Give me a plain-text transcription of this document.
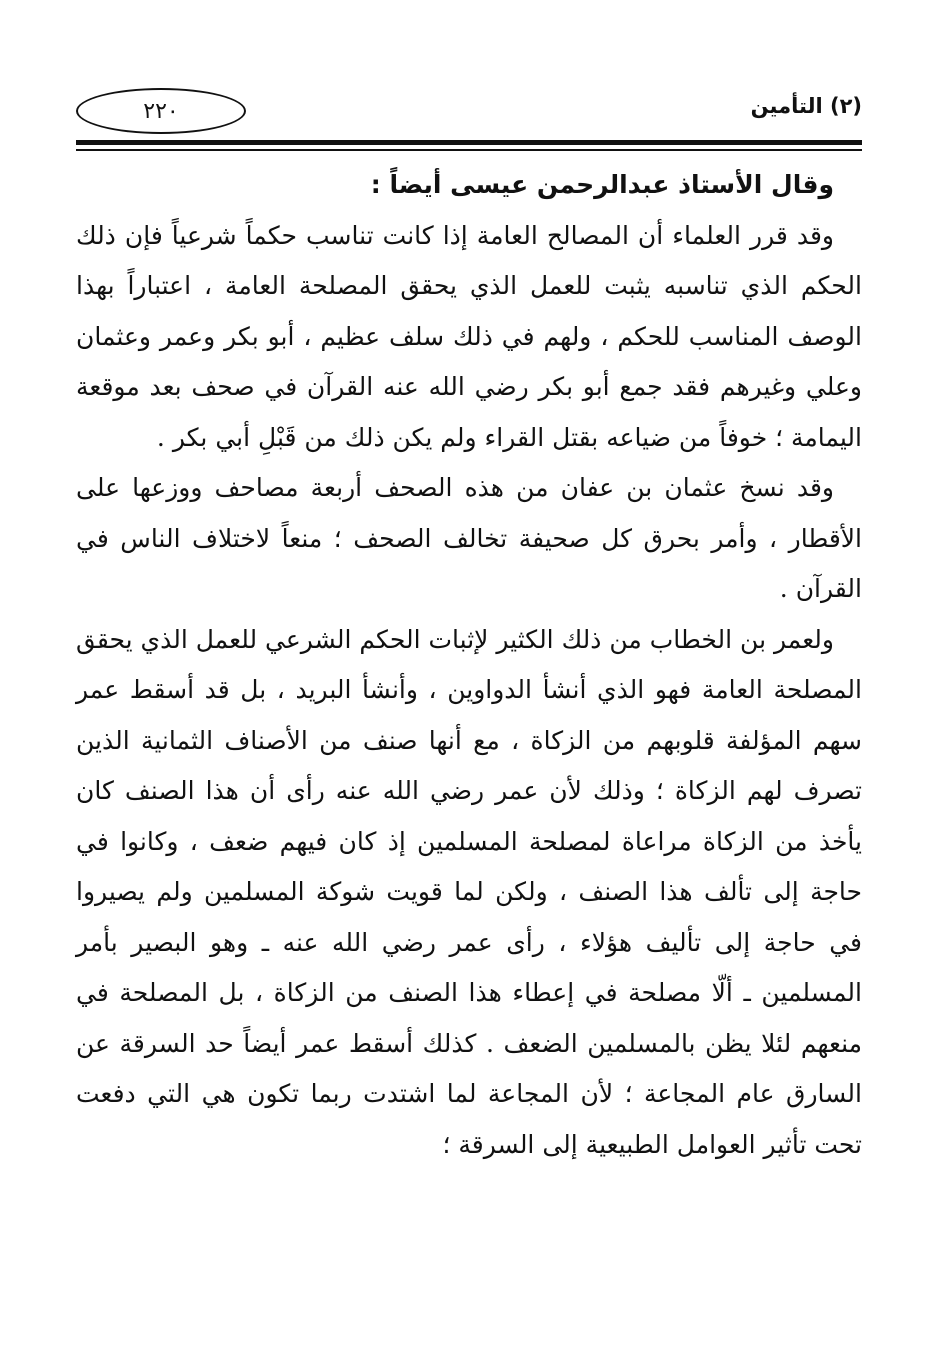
(٢) التأمين
٢٢٠

وقال الأستاذ عبدالرحمن عيسى أيضاً :

وقد قرر العلماء أن المصالح العامة إذا كانت تناسب حكماً شرعياً فإن ذلك الحكم الذي تناسبه يثبت للعمل الذي يحقق المصلحة العامة ، اعتباراً بهذا الوصف المناسب للحكم ، ولهم في ذلك سلف عظيم ، أبو بكر وعمر وعثمان وعلي وغيرهم فقد جمع أبو بكر رضي الله عنه القرآن في صحف بعد موقعة اليمامة ؛ خوفاً من ضياعه بقتل القراء ولم يكن ذلك من قَبْلِ أبي بكر .

وقد نسخ عثمان بن عفان من هذه الصحف أربعة مصاحف ووزعها على الأقطار ، وأمر بحرق كل صحيفة تخالف الصحف ؛ منعاً لاختلاف الناس في القرآن .

ولعمر بن الخطاب من ذلك الكثير لإثبات الحكم الشرعي للعمل الذي يحقق المصلحة العامة فهو الذي أنشأ الدواوين ، وأنشأ البريد ، بل قد أسقط عمر سهم المؤلفة قلوبهم من الزكاة ، مع أنها صنف من الأصناف الثمانية الذين تصرف لهم الزكاة ؛ وذلك لأن عمر رضي الله عنه رأى أن هذا الصنف كان يأخذ من الزكاة مراعاة لمصلحة المسلمين إذ كان فيهم ضعف ، وكانوا في حاجة إلى تألف هذا الصنف ، ولكن لما قويت شوكة المسلمين ولم يصيروا في حاجة إلى تأليف هؤلاء ، رأى عمر رضي الله عنه ـ وهو البصير بأمر المسلمين ـ ألّا مصلحة في إعطاء هذا الصنف من الزكاة ، بل المصلحة في منعهم لئلا يظن بالمسلمين الضعف . كذلك أسقط عمر أيضاً حد السرقة عن السارق عام المجاعة ؛ لأن المجاعة لما اشتدت ربما تكون هي التي دفعت تحت تأثير العوامل الطبيعية إلى السرقة ؛
